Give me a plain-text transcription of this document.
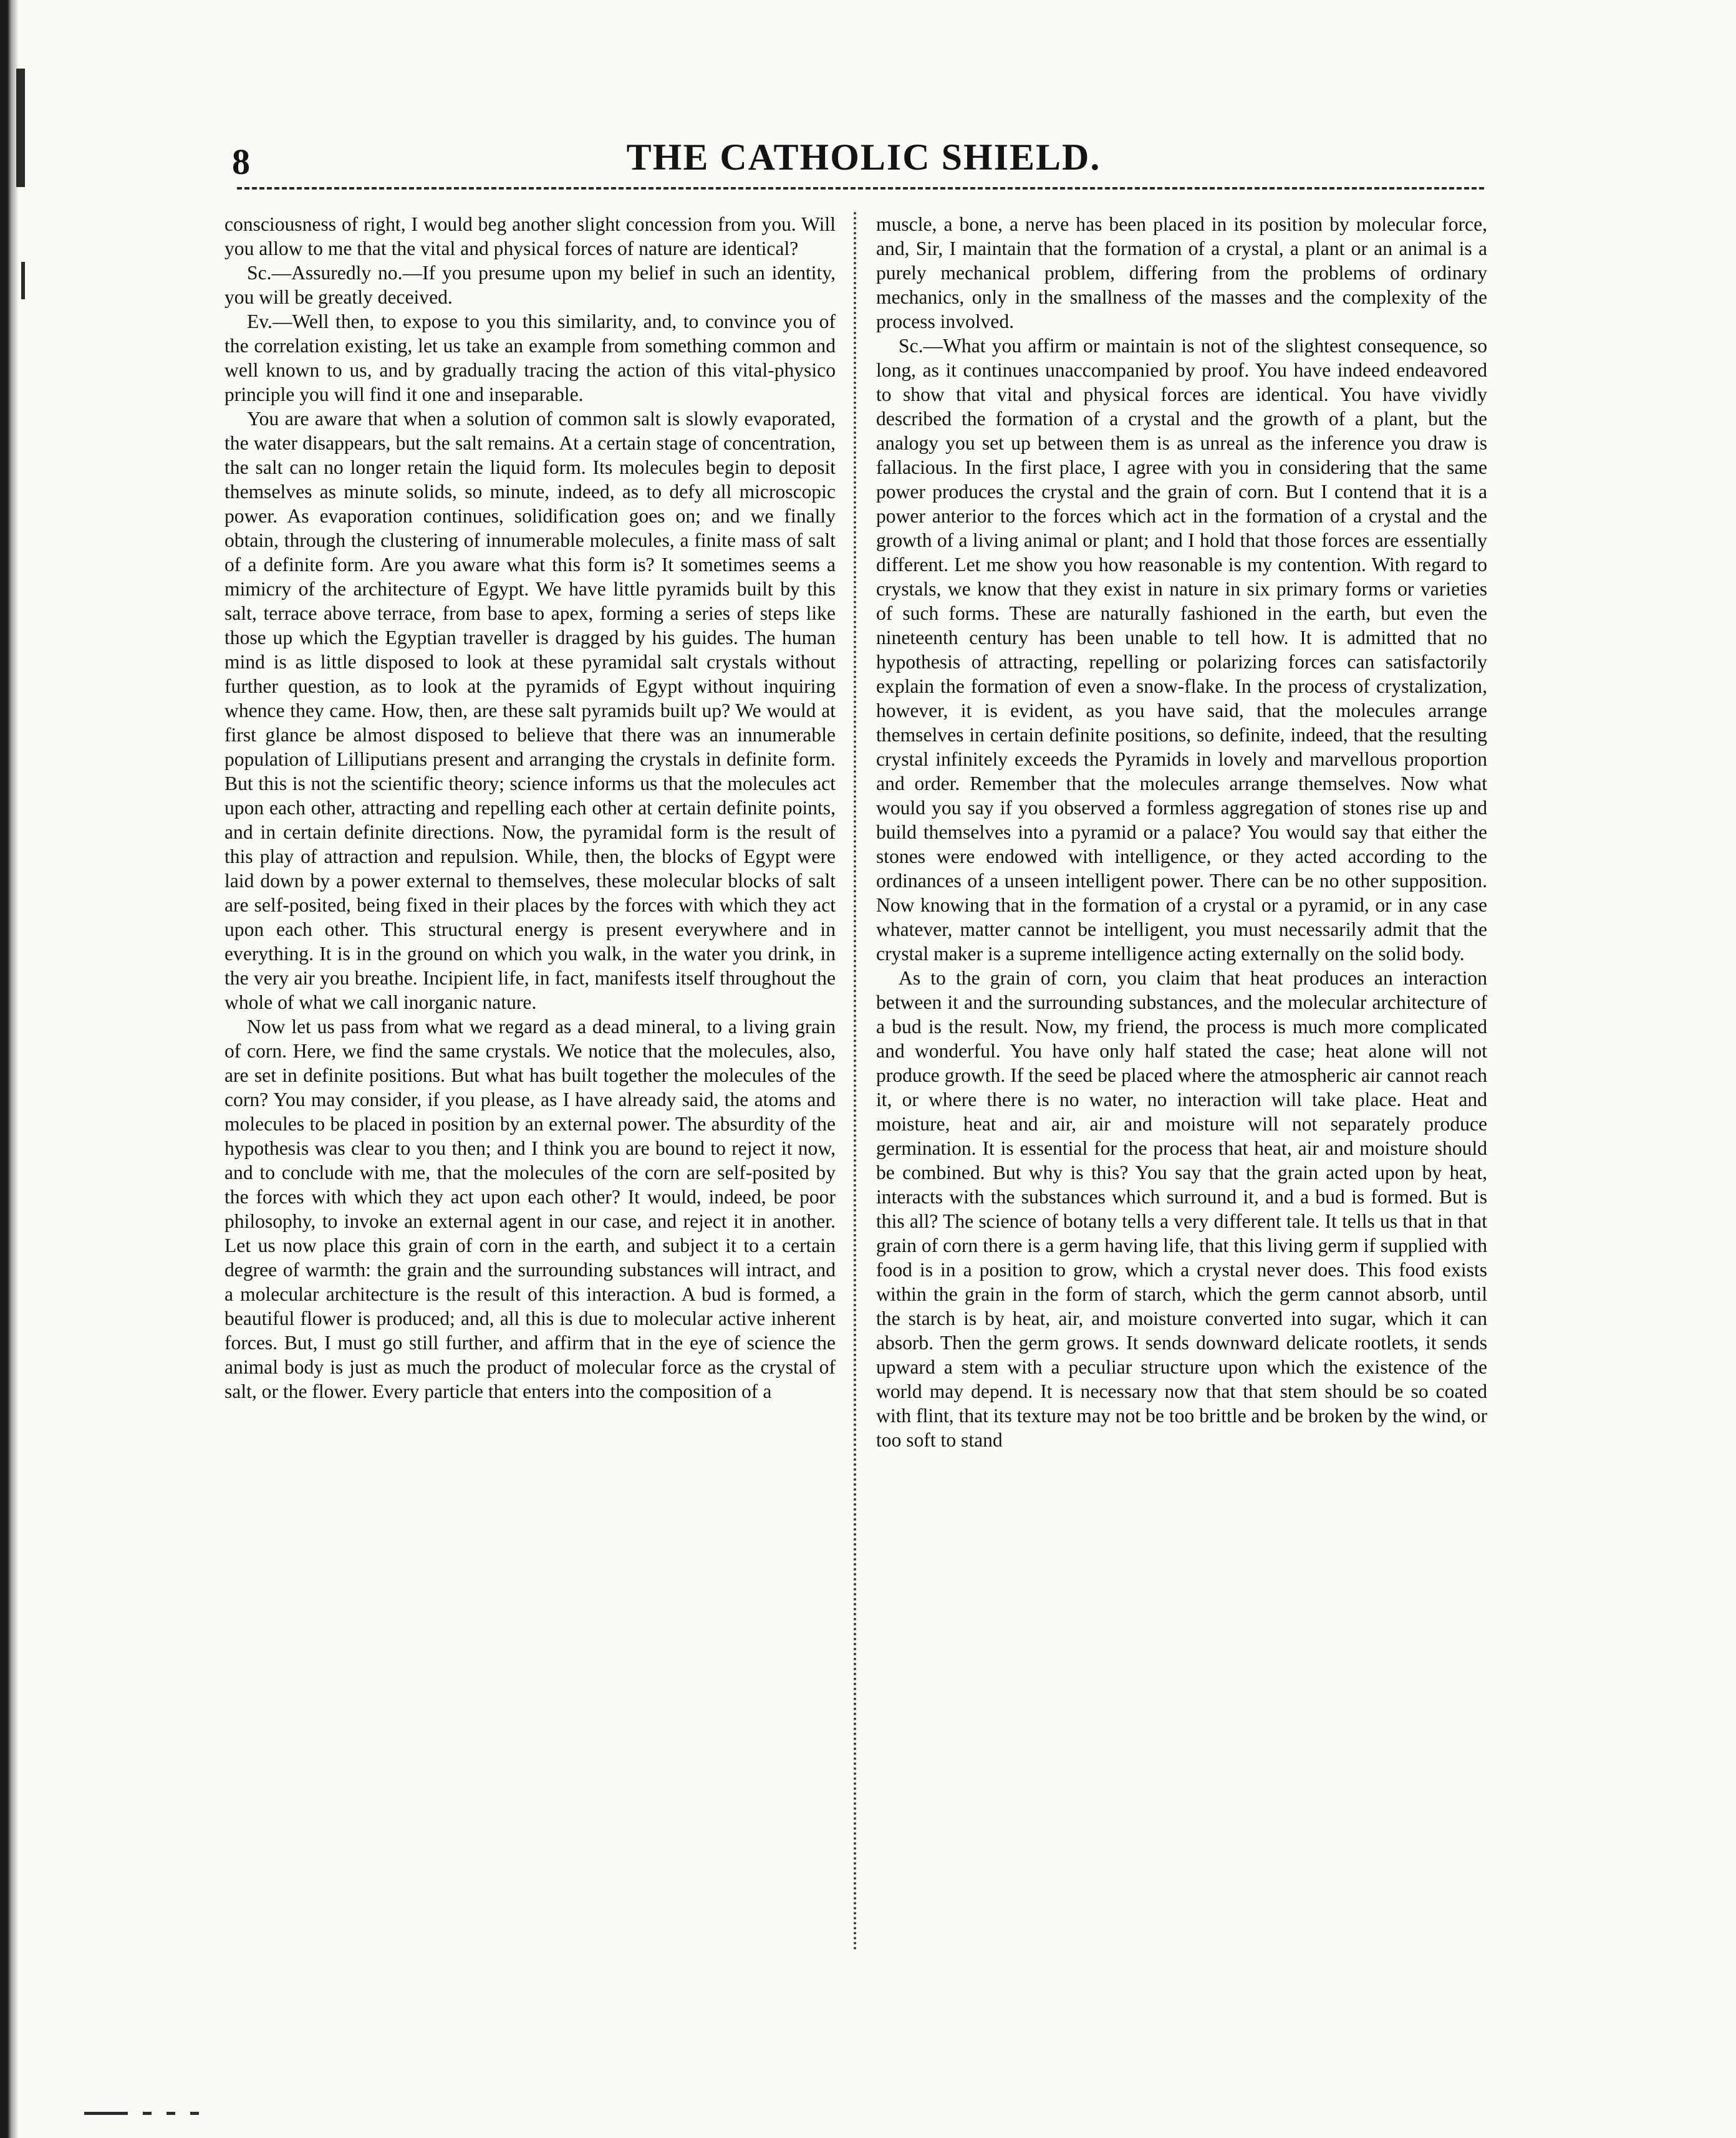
8	THE CATHOLIC SHIELD.

consciousness of right, I would beg another slight concession from you. Will you allow to me that the vital and physical forces of nature are identical?

Sc.—Assuredly no.—If you presume upon my belief in such an identity, you will be greatly deceived.

Ev.—Well then, to expose to you this similarity, and, to convince you of the correlation existing, let us take an example from something common and well known to us, and by gradually tracing the action of this vital-physico principle you will find it one and inseparable.

You are aware that when a solution of common salt is slowly evaporated, the water disappears, but the salt remains. At a certain stage of concentration, the salt can no longer retain the liquid form. Its molecules begin to deposit themselves as minute solids, so minute, indeed, as to defy all microscopic power. As evaporation continues, solidification goes on; and we finally obtain, through the clustering of innumerable molecules, a finite mass of salt of a definite form. Are you aware what this form is? It sometimes seems a mimicry of the architecture of Egypt. We have little pyramids built by this salt, terrace above terrace, from base to apex, forming a series of steps like those up which the Egyptian traveller is dragged by his guides. The human mind is as little disposed to look at these pyramidal salt crystals without further question, as to look at the pyramids of Egypt without inquiring whence they came. How, then, are these salt pyramids built up? We would at first glance be almost disposed to believe that there was an innumerable population of Lilliputians present and arranging the crystals in definite form. But this is not the scientific theory; science informs us that the molecules act upon each other, attracting and repelling each other at certain definite points, and in certain definite directions. Now, the pyramidal form is the result of this play of attraction and repulsion. While, then, the blocks of Egypt were laid down by a power external to themselves, these molecular blocks of salt are self-posited, being fixed in their places by the forces with which they act upon each other. This structural energy is present everywhere and in everything. It is in the ground on which you walk, in the water you drink, in the very air you breathe. Incipient life, in fact, manifests itself throughout the whole of what we call inorganic nature.

Now let us pass from what we regard as a dead mineral, to a living grain of corn. Here, we find the same crystals. We notice that the molecules, also, are set in definite positions. But what has built together the molecules of the corn? You may consider, if you please, as I have already said, the atoms and molecules to be placed in position by an external power. The absurdity of the hypothesis was clear to you then; and I think you are bound to reject it now, and to conclude with me, that the molecules of the corn are self-posited by the forces with which they act upon each other? It would, indeed, be poor philosophy, to invoke an external agent in our case, and reject it in another. Let us now place this grain of corn in the earth, and subject it to a certain degree of warmth: the grain and the surrounding substances will intract, and a molecular architecture is the result of this interaction. A bud is formed, a beautiful flower is produced; and, all this is due to molecular active inherent forces. But, I must go still further, and affirm that in the eye of science the animal body is just as much the product of molecular force as the crystal of salt, or the flower. Every particle that enters into the composition of a

muscle, a bone, a nerve has been placed in its position by molecular force, and, Sir, I maintain that the formation of a crystal, a plant or an animal is a purely mechanical problem, differing from the problems of ordinary mechanics, only in the smallness of the masses and the complexity of the process involved.

Sc.—What you affirm or maintain is not of the slightest consequence, so long, as it continues unaccompanied by proof. You have indeed endeavored to show that vital and physical forces are identical. You have vividly described the formation of a crystal and the growth of a plant, but the analogy you set up between them is as unreal as the inference you draw is fallacious. In the first place, I agree with you in considering that the same power produces the crystal and the grain of corn. But I contend that it is a power anterior to the forces which act in the formation of a crystal and the growth of a living animal or plant; and I hold that those forces are essentially different. Let me show you how reasonable is my contention. With regard to crystals, we know that they exist in nature in six primary forms or varieties of such forms. These are naturally fashioned in the earth, but even the nineteenth century has been unable to tell how. It is admitted that no hypothesis of attracting, repelling or polarizing forces can satisfactorily explain the formation of even a snow-flake. In the process of crystalization, however, it is evident, as you have said, that the molecules arrange themselves in certain definite positions, so definite, indeed, that the resulting crystal infinitely exceeds the Pyramids in lovely and marvellous proportion and order. Remember that the molecules arrange themselves. Now what would you say if you observed a formless aggregation of stones rise up and build themselves into a pyramid or a palace? You would say that either the stones were endowed with intelligence, or they acted according to the ordinances of a unseen intelligent power. There can be no other supposition. Now knowing that in the formation of a crystal or a pyramid, or in any case whatever, matter cannot be intelligent, you must necessarily admit that the crystal maker is a supreme intelligence acting externally on the solid body.

As to the grain of corn, you claim that heat produces an interaction between it and the surrounding substances, and the molecular architecture of a bud is the result. Now, my friend, the process is much more complicated and wonderful. You have only half stated the case; heat alone will not produce growth. If the seed be placed where the atmospheric air cannot reach it, or where there is no water, no interaction will take place. Heat and moisture, heat and air, air and moisture will not separately produce germination. It is essential for the process that heat, air and moisture should be combined. But why is this? You say that the grain acted upon by heat, interacts with the substances which surround it, and a bud is formed. But is this all? The science of botany tells a very different tale. It tells us that in that grain of corn there is a germ having life, that this living germ if supplied with food is in a position to grow, which a crystal never does. This food exists within the grain in the form of starch, which the germ cannot absorb, until the starch is by heat, air, and moisture converted into sugar, which it can absorb. Then the germ grows. It sends downward delicate rootlets, it sends upward a stem with a peculiar structure upon which the existence of the world may depend. It is necessary now that that stem should be so coated with flint, that its texture may not be too brittle and be broken by the wind, or too soft to stand
